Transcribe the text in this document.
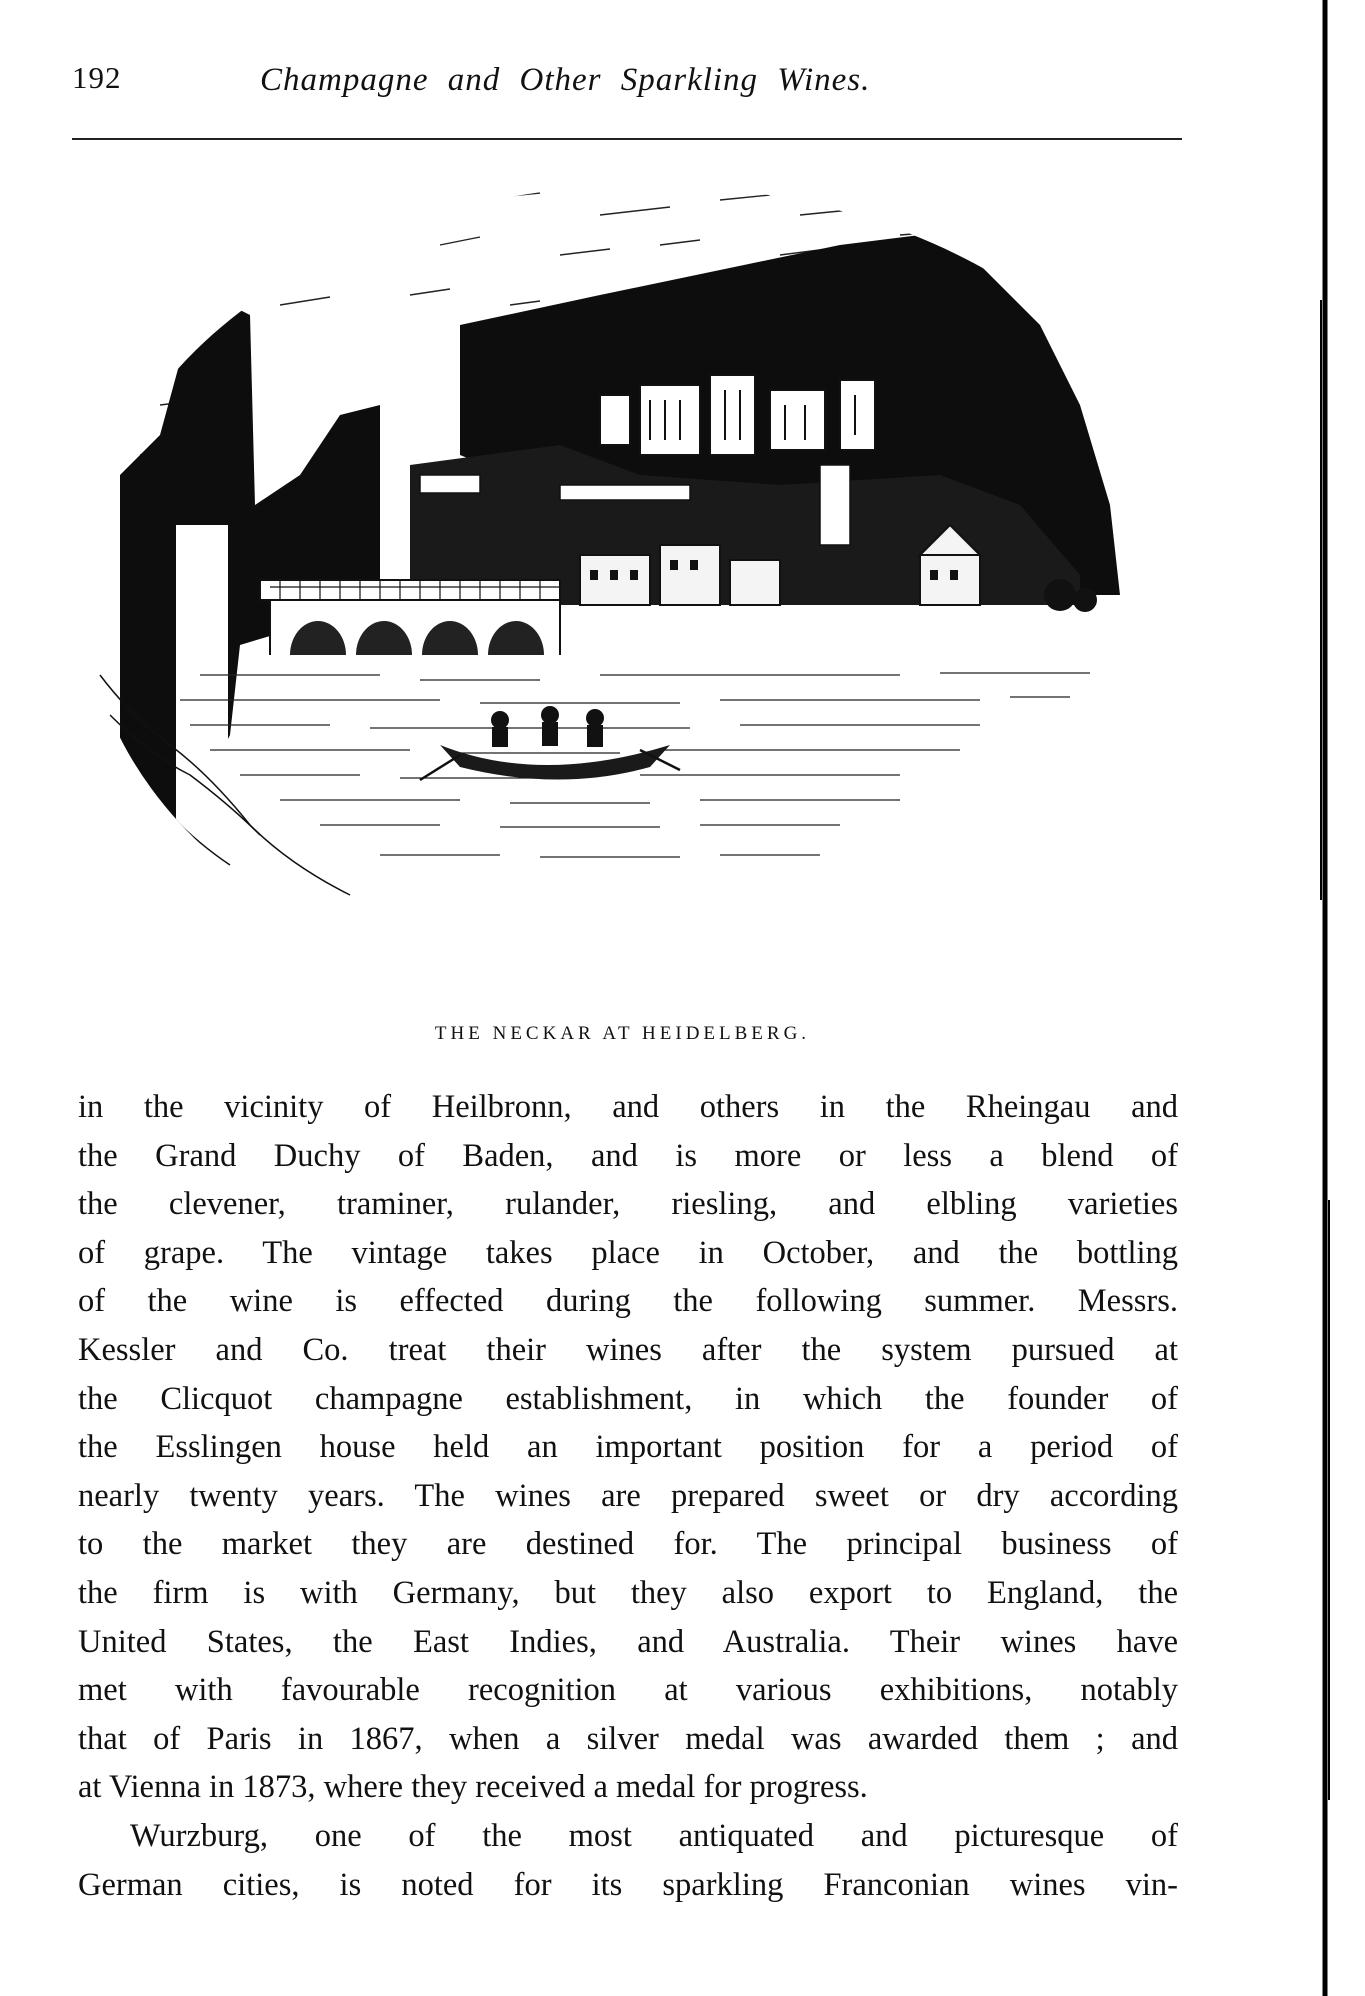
192	Champagne and Other Sparkling Wines.
THE NECKAR AT HEIDELBERG.
in the vicinity of Heilbronn, and others in the Rheingau and
the Grand Duchy of Baden, and is more or less a blend of
the clevener, traminer, rulander, riesling, and elbling varieties
of grape. The vintage takes place in October, and the bottling
of the wine is effected during the following summer. Messrs.
Kessler and Co. treat their wines after the system pursued at
the Clicquot champagne establishment, in which the founder of
the Esslingen house held an important position for a period of
nearly twenty years. The wines are prepared sweet or dry according
to the market they are destined for. The principal business of
the firm is with Germany, but they also export to England, the
United States, the East Indies, and Australia. Their wines have
met with favourable recognition at various exhibitions, notably
that of Paris in 1867, when a silver medal was awarded them ; and
at Vienna in 1873, where they received a medal for progress.
Wurzburg, one of the most antiquated and picturesque of
German cities, is noted for its sparkling Franconian wines vin-
